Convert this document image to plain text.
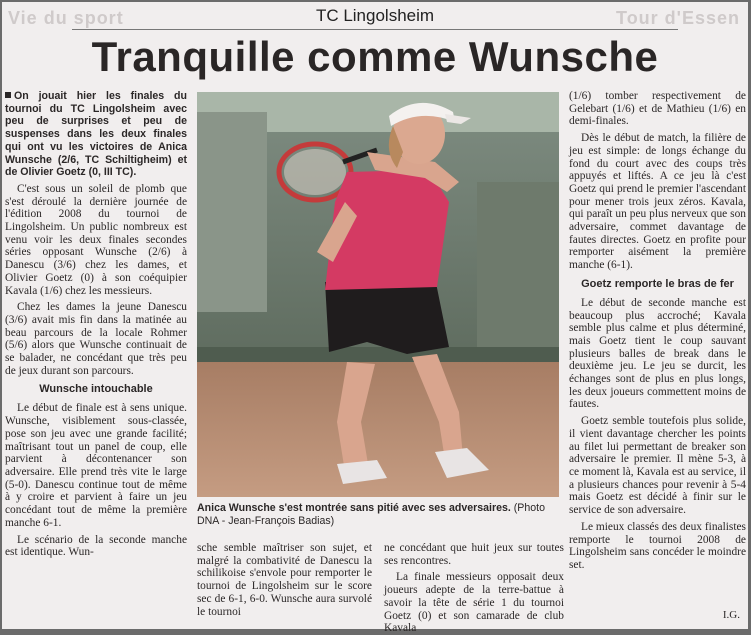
Vie du sport	Tour d'Essen
TC Lingolsheim
Tranquille comme Wunsche

On jouait hier les finales du tournoi du TC Lingolsheim avec peu de surprises et peu de suspenses dans les deux finales qui ont vu les victoires de Anica Wunsche (2/6, TC Schiltigheim) et de Olivier Goetz (0, III TC).

C'est sous un soleil de plomb que s'est déroulé la dernière journée de l'édition 2008 du tournoi de Lingolsheim. Un public nombreux est venu voir les deux finales secondes séries opposant Wunsche (2/6) à Danescu (3/6) chez les dames, et Olivier Goetz (0) à son coéquipier Kavala (1/6) chez les messieurs.

Chez les dames la jeune Danescu (3/6) avait mis fin dans la matinée au beau parcours de la locale Rohmer (5/6) alors que Wunsche continuait de se balader, ne concédant que très peu de jeux durant son parcours.

Wunsche intouchable

Le début de finale est à sens unique. Wunsche, visiblement sous-classée, pose son jeu avec une grande facilité; maîtrisant tout un panel de coup, elle parvient à décontenancer son adversaire. Elle prend très vite le large (5-0). Danescu continue tout de même à y croire et parvient à faire un jeu concédant tout de même la première manche 6-1.

Le scénario de la seconde manche est identique. Wun-

Anica Wunsche s'est montrée sans pitié avec ses adversaires. (Photo DNA - Jean-François Badias)

sche semble maîtriser son sujet, et malgré la combativité de Danescu la schilikoise s'envole pour remporter le tournoi de Lingolsheim sur le score sec de 6-1, 6-0. Wunsche aura survolé le tournoi

ne concédant que huit jeux sur toutes ses rencontres.

La finale messieurs opposait deux joueurs adepte de la terre-battue à savoir la tête de série 1 du tournoi Goetz (0) et son camarade de club Kavala

(1/6) tomber respectivement de Gelebart (1/6) et de Mathieu (1/6) en demi-finales.

Dès le début de match, la filière de jeu est simple: de longs échange du fond du court avec des coups très appuyés et liftés. A ce jeu là c'est Goetz qui prend le premier l'ascendant pour mener trois jeux zéros. Kavala, qui paraît un peu plus nerveux que son adversaire, commet davantage de fautes directes. Goetz en profite pour remporter aisément la première manche (6-1).

Goetz remporte le bras de fer

Le début de seconde manche est beaucoup plus accroché; Kavala semble plus calme et plus déterminé, mais Goetz tient le coup sauvant plusieurs balles de break dans le deuxième jeu. Le jeu se durcit, les échanges sont de plus en plus longs, les deux joueurs commettent moins de fautes.

Goetz semble toutefois plus solide, il vient davantage chercher les points au filet lui permettant de breaker son adversaire le premier. Il mène 5-3, à ce moment là, Kavala est au service, il a plusieurs chances pour revenir à 5-4 mais Goetz est décidé à finir sur le service de son adversaire.

Le mieux classés des deux finalistes remporte le tournoi 2008 de Lingolsheim sans concéder le moindre set.

I.G.
